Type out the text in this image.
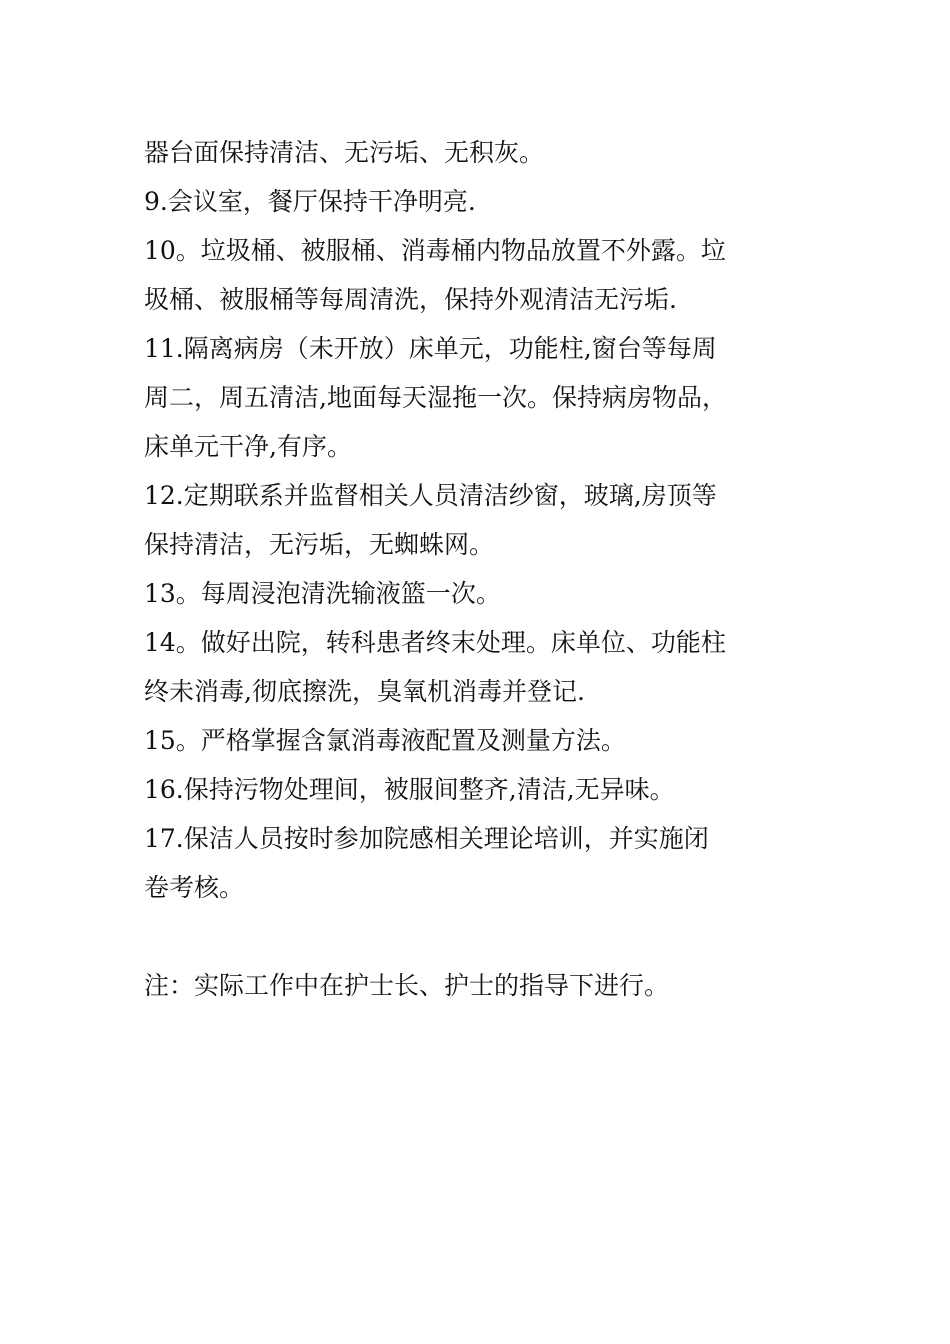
器台面保持清洁、无污垢、无积灰。

9.会议室，餐厅保持干净明亮.

10。垃圾桶、被服桶、消毒桶内物品放置不外露。垃

圾桶、被服桶等每周清洗，保持外观清洁无污垢.

11.隔离病房（未开放）床单元，功能柱,窗台等每周

周二，周五清洁,地面每天湿拖一次。保持病房物品，

床单元干净,有序。

12.定期联系并监督相关人员清洁纱窗，玻璃,房顶等

保持清洁，无污垢，无蜘蛛网。

13。每周浸泡清洗输液篮一次。

14。做好出院，转科患者终末处理。床单位、功能柱

终未消毒,彻底擦洗，臭氧机消毒并登记.

15。严格掌握含氯消毒液配置及测量方法。

16.保持污物处理间，被服间整齐,清洁,无异味。

17.保洁人员按时参加院感相关理论培训，并实施闭

卷考核。

注：实际工作中在护士长、护士的指导下进行。
